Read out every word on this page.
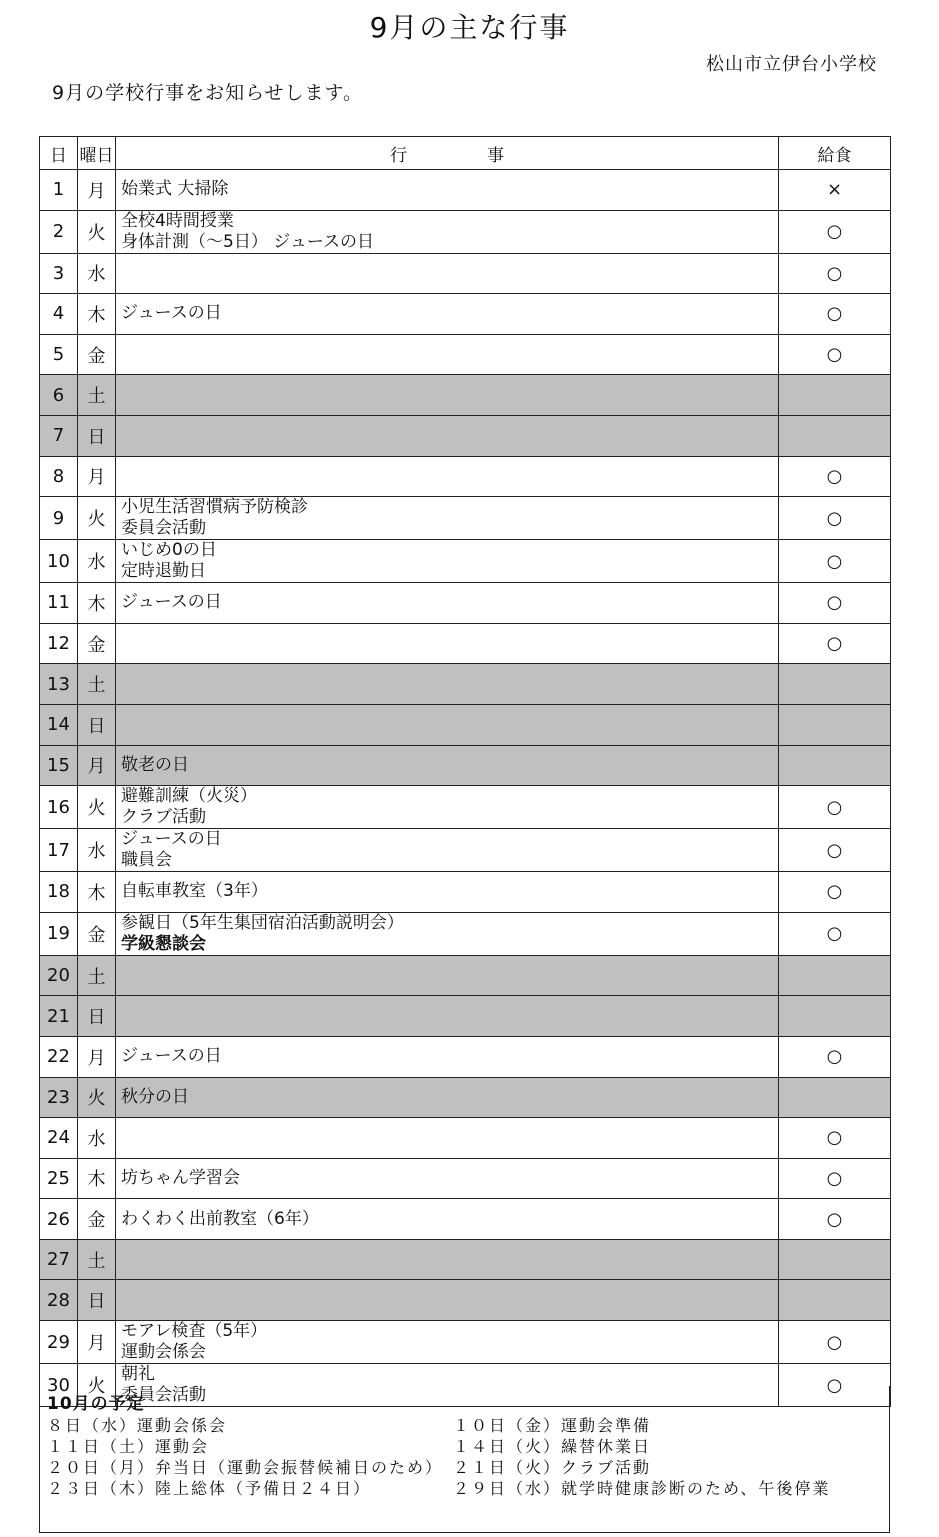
9月の主な行事
松山市立伊台小学校
9月の学校行事をお知らせします。
日	曜日	行事	給食
1	月	始業式 大掃除	×
2	火	全校4時間授業
身体計測（～5日） ジュースの日	○
3	水		○
4	木	ジュースの日	○
5	金		○
6	土		
7	日		
8	月		○
9	火	小児生活習慣病予防検診
委員会活動	○
10	水	いじめ0の日
定時退勤日	○
11	木	ジュースの日	○
12	金		○
13	土		
14	日		
15	月	敬老の日	

16	火	避難訓練（火災）
クラブ活動	○
17	水	ジュースの日
職員会	○
18	木	自転車教室（3年）	○
19	金	参観日（5年生集団宿泊活動説明会）
学級懇談会	○
20	土		
21	日		
22	月	ジュースの日	○
23	火	秋分の日	

24	水		○
25	木	坊ちゃん学習会	○
26	金	わくわく出前教室（6年）	○
27	土		
28	日		
29	月	モアレ検査（5年）
運動会係会	○
30	火	朝礼
委員会活動	○
10月の予定
８日（水）運動会係会
１１日（土）運動会
２０日（月）弁当日（運動会振替候補日のため）
２３日（木）陸上総体（予備日２４日）
１０日（金）運動会準備
１４日（火）繰替休業日
２１日（火）クラブ活動
２９日（水）就学時健康診断のため、午後停業
